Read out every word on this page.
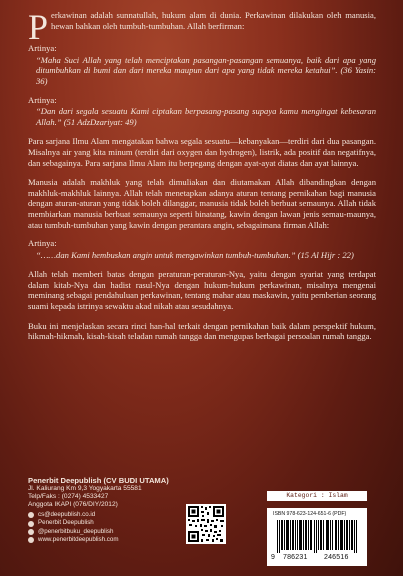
Perkawinan adalah sunnatullah, hukum alam di dunia. Perkawinan dilakukan oleh manusia, hewan bahkan oleh tumbuh-tumbuhan. Allah berfirman:

Artinya:

“Maha Suci Allah yang telah menciptakan pasangan-pasangan semuanya, baik dari apa yang ditumbuhkan di bumi dan dari mereka maupun dari apa yang tidak mereka ketahui”. (36 Yasin: 36)

Artinya:

“Dan dari segala sesuatu Kami ciptakan berpasang-pasang supaya kamu mengingat kebesaran Allah.” (51 AdzDzariyat: 49)

Para sarjana Ilmu Alam mengatakan bahwa segala sesuatu—kebanyakan—terdiri dari dua pasangan. Misalnya air yang kita minum (terdiri dari oxygen dan hydrogen), listrik, ada positif dan negatifnya, dan sebagainya. Para sarjana Ilmu Alam itu berpegang dengan ayat-ayat diatas dan ayat lainnya.

Manusia adalah makhluk yang telah dimuliakan dan diutamakan Allah dibandingkan dengan makhluk-makhluk lainnya. Allah telah menetapkan adanya aturan tentang pernikahan bagi manusia dengan aturan-aturan yang tidak boleh dilanggar, manusia tidak boleh berbuat semaunya. Allah tidak membiarkan manusia berbuat semaunya seperti binatang, kawin dengan lawan jenis semau-maunya, atau tumbuh-tumbuhan yang kawin dengan perantara angin, sebagaimana firman Allah:

Artinya:

“……dan Kami hembuskan angin untuk mengawinkan tumbuh-tumbuhan.” (15 Al Hijr : 22)

Allah telah memberi batas dengan peraturan-peraturan-Nya, yaitu dengan syariat yang terdapat dalam kitab-Nya dan hadist rasul-Nya dengan hukum-hukum perkawinan, misalnya mengenai meminang sebagai pendahuluan perkawinan, tentang mahar atau maskawin, yaitu pemberian seorang suami kepada istrinya sewaktu akad nikah atau sesudahnya.

Buku ini menjelaskan secara rinci han-hal terkait dengan pernikahan baik dalam perspektif hukum, hikmah-hikmah, kisah-kisah teladan rumah tangga dan mengupas berbagai persoalan rumah tangga.

Penerbit Deepublish (CV BUDI UTAMA)
Jl. Kaliurang Km 9,3 Yogyakarta 55581
Telp/Faks : (0274) 4533427
Anggota IKAPI (076/DIY/2012)
cs@deepublish.co.id
Penerbit Deepublish
@penerbitbuku_deepublish
www.penerbitdeepublish.com
Kategori : Islam
ISBN 978-623-124-651-6 (PDF)
9 786231 246516
